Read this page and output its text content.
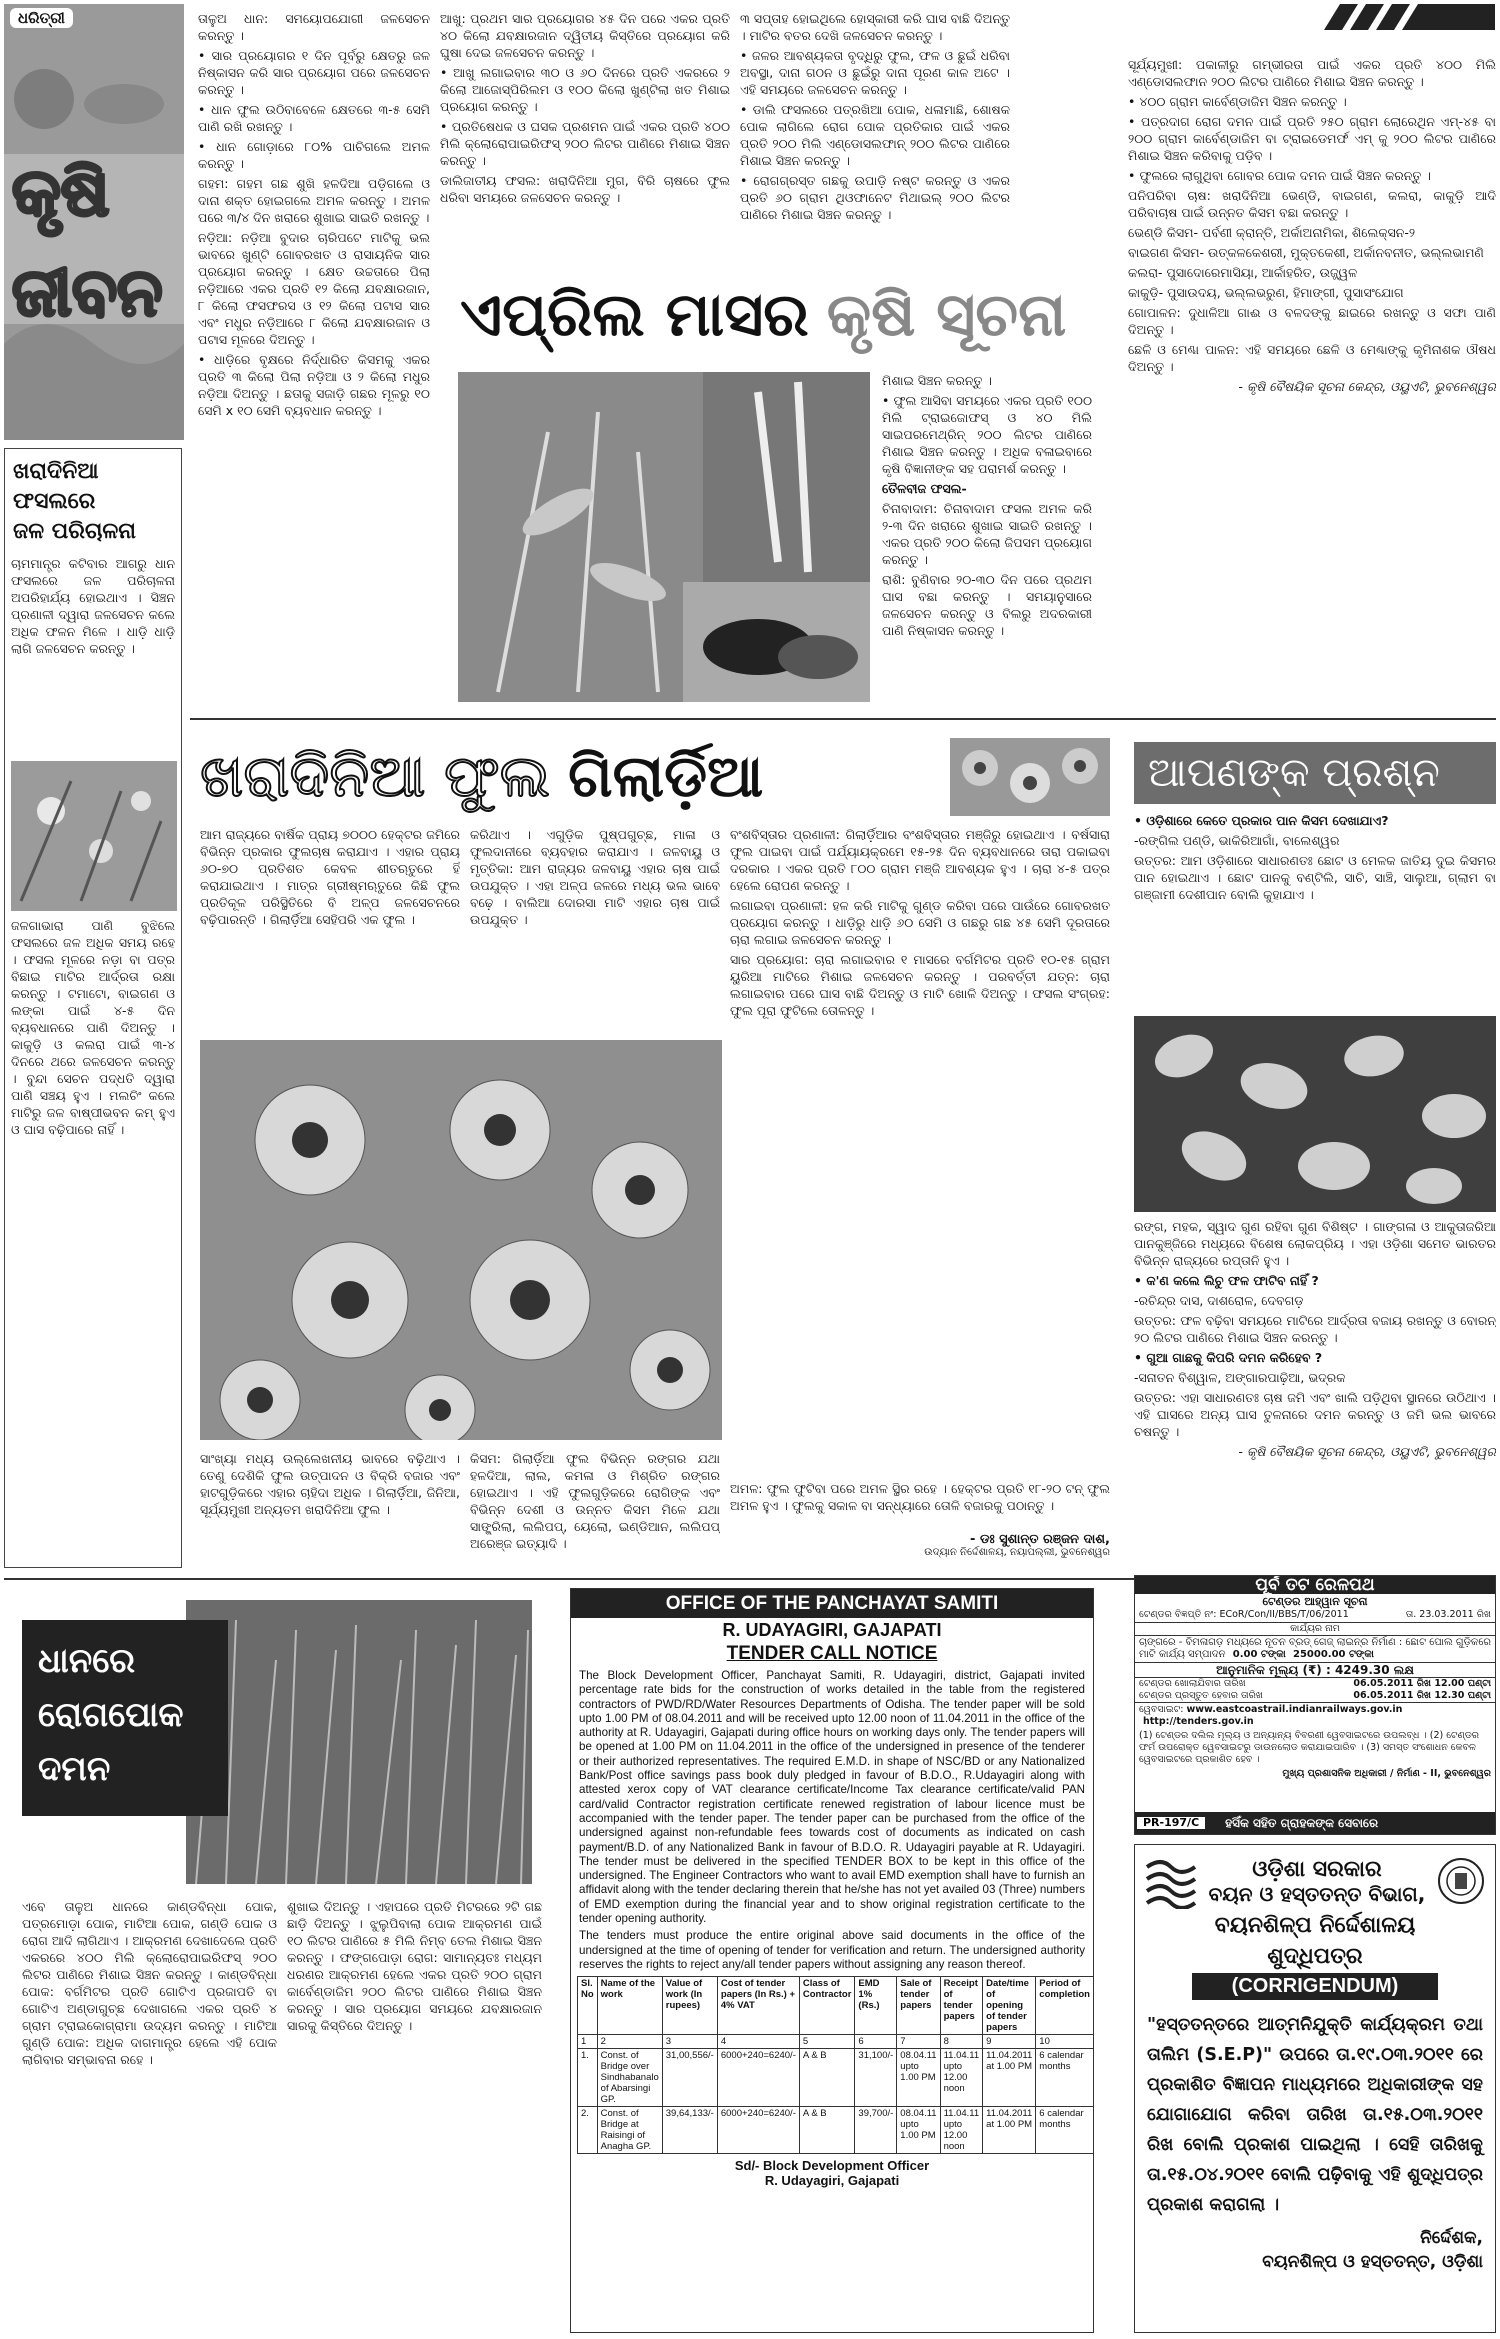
ଧରିତ୍ରୀ
କୃଷି
ଜୀବନ
ଖରାଦିନିଆ
ଫସଲରେ
ଜଳ ପରିଚାଳନା
ଚାମମାନ୍ତ୍ର କଟିବାର ଆଗରୁ ଧାନ ଫସଲରେ ଜଳ ପରିଚାଳନା ଅପରିହାର୍ଯ୍ୟ ହୋଇଥାଏ । ସିଞ୍ଚନ ପ୍ରଣାଳୀ ଦ୍ୱାରା ଜଳସେଚନ କଲେ ଅଧିକ ଫଳନ ମିଳେ । ଧାଡ଼ି ଧାଡ଼ି ଲାଗି ଜଳସେଚନ କରନ୍ତୁ ।
ଜଳଗାଭାରା ପାଣି ବୁଝିଲେ ଫସଲରେ ଜଳ ଅଧିକ ସମୟ ରହେ । ଫସଲ ମୂଳରେ ନଡ଼ା ବା ପତ୍ର ବିଛାଇ ମାଟିର ଆର୍ଦ୍ରତା ରକ୍ଷା କରନ୍ତୁ । ଟମାଟୋ, ବାଇଗଣ ଓ ଲଙ୍କା ପାଇଁ ୪-୫ ଦିନ ବ୍ୟବଧାନରେ ପାଣି ଦିଅନ୍ତୁ । କାକୁଡ଼ି ଓ କଲରା ପାଇଁ ୩-୪ ଦିନରେ ଥରେ ଜଳସେଚନ କରନ୍ତୁ । ବୁନ୍ଦା ସେଚନ ପଦ୍ଧତି ଦ୍ୱାରା ପାଣି ସଞ୍ଚୟ ହୁଏ । ମଲଚିଂ କଲେ ମାଟିରୁ ଜଳ ବାଷ୍ପୀଭବନ କମ୍ ହୁଏ ଓ ଘାସ ବଢ଼ିପାରେ ନାହିଁ ।

ତାଳୁଅ ଧାନ: ସମୟୋପଯୋଗୀ ଜଳସେଚନ କରନ୍ତୁ ।

• ସାର ପ୍ରୟୋଗର ୧ ଦିନ ପୂର୍ବରୁ କ୍ଷେତରୁ ଜଳ ନିଷ୍କାସନ କରି ସାର ପ୍ରୟୋଗ ପରେ ଜଳସେଚନ କରନ୍ତୁ ।

• ଧାନ ଫୁଲ ଉଠିବାବେଳେ କ୍ଷେତରେ ୩-୫ ସେମି ପାଣି ରଖି ରଖନ୍ତୁ ।

• ଧାନ ଗୋଡ଼ାରେ ୮୦% ପାଚିଗଲେ ଅମଳ କରନ୍ତୁ ।

ଗହମ: ଗହମ ଗଛ ଶୁଖି ହଳଦିଆ ପଡ଼ିଗଲେ ଓ ଦାନା ଶକ୍ତ ହୋଇଗଲେ ଅମଳ କରନ୍ତୁ । ଅମଳ ପରେ ୩/୪ ଦିନ ଖରାରେ ଶୁଖାଇ ସାଇତି ରଖନ୍ତୁ ।

ନଡ଼ିଆ: ନଡ଼ିଆ ବୁଦାର ଚାରିପଟେ ମାଟିକୁ ଭଲ ଭାବରେ ଖୁଣ୍ଟି ଗୋବରଖତ ଓ ରାସାୟନିକ ସାର ପ୍ରୟୋଗ କରନ୍ତୁ । କ୍ଷେତ ଉଚ୍ଚତାରେ ପିଲା ନଡ଼ିଆରେ ଏକର ପ୍ରତି ୧୨ କିଲୋ ଯବକ୍ଷାରଜାନ, ୮ କିଲୋ ଫସଫରସ ଓ ୧୨ କିଲୋ ପଟାସ ସାର ଏବଂ ମଧୁର ନଡ଼ିଆରେ ୮ କିଲୋ ଯବକ୍ଷାରଜାନ ଓ ପଟାସ ମୂଳରେ ଦିଅନ୍ତୁ ।

• ଧାଡ଼ିରେ ବୃକ୍ଷରେ ନିର୍ଦ୍ଧାରିତ କିସମକୁ ଏକର ପ୍ରତି ୩ କିଲୋ ପିଲା ନଡ଼ିଆ ଓ ୨ କିଲୋ ମଧୁର ନଡ଼ିଆ ଦିଅନ୍ତୁ । ଛତାକୁ ସଜାଡ଼ି ଗଛର ମୂଳରୁ ୧୦ ସେମି x ୧୦ ସେମି ବ୍ୟବଧାନ କରନ୍ତୁ ।

ଆଖୁ: ପ୍ରଥମ ସାର ପ୍ରୟୋଗର ୪୫ ଦିନ ପରେ ଏକର ପ୍ରତି ୪୦ କିଲୋ ଯବକ୍ଷାରଜାନ ଦ୍ୱିତୀୟ କିସ୍ତିରେ ପ୍ରୟୋଗ କରି ଘୁଷା ଦେଇ ଜଳସେଚନ କରନ୍ତୁ ।

• ଆଖୁ ଲଗାଇବାର ୩୦ ଓ ୬୦ ଦିନରେ ପ୍ରତି ଏକରରେ ୨ କିଲୋ ଆଜୋସ୍ପିରିଲମ ଓ ୧୦୦ କିଲୋ ଖୁଣ୍ଟିଲା ଖତ ମିଶାଇ ପ୍ରୟୋଗ କରନ୍ତୁ ।

• ପ୍ରତିଷେଧକ ଓ ଘସକ ପ୍ରଶମନ ପାଇଁ ଏକର ପ୍ରତି ୪୦୦ ମିଲି କ୍ଲୋରୋପାଇରିଫସ୍ ୨୦୦ ଲିଟର ପାଣିରେ ମିଶାଇ ସିଞ୍ଚନ କରନ୍ତୁ ।

ଡାଲିଜାତୀୟ ଫସଲ: ଖରାଦିନିଆ ମୁଗ, ବିରି ଚାଷରେ ଫୁଲ ଧରିବା ସମୟରେ ଜଳସେଚନ କରନ୍ତୁ ।

୩ ସପ୍ତାହ ହୋଇଥିଲେ ହୋସ୍କାରୀ କରି ଘାସ ବାଛି ଦିଅନ୍ତୁ । ମାଟିର ବତର ଦେଖି ଜଳସେଚନ କରନ୍ତୁ ।

• ଜଳର ଆବଶ୍ୟକତା ବୃଦ୍ଧିରୁ ଫୁଲ, ଫଳ ଓ ଛୁଇଁ ଧରିବା ଅବସ୍ଥା, ଦାନା ଗଠନ ଓ ଛୁଇଁରୁ ଦାନା ପୂରଣ କାଳ ଅଟେ । ଏହି ସମୟରେ ଜଳସେଚନ କରନ୍ତୁ ।

• ଡାଲି ଫସଲରେ ପତ୍ରଖିଆ ପୋକ, ଧଳାମାଛି, ଶୋଷକ ପୋକ ଲାଗିଲେ ରୋଗ ପୋକ ପ୍ରତିକାର ପାଇଁ ଏକର ପ୍ରତି ୨୦୦ ମିଲି ଏଣ୍ଡୋସଲଫାନ୍ ୨୦୦ ଲିଟର ପାଣିରେ ମିଶାଇ ସିଞ୍ଚନ କରନ୍ତୁ ।

• ରୋଗଗ୍ରସ୍ତ ଗଛକୁ ଉପାଡ଼ି ନଷ୍ଟ କରନ୍ତୁ ଓ ଏକର ପ୍ରତି ୬୦ ଗ୍ରାମ ଥିଓଫାନେଟ ମିଥାଇଲ୍ ୨୦୦ ଲିଟର ପାଣିରେ ମିଶାଇ ସିଞ୍ଚନ କରନ୍ତୁ ।

ଏପ୍ରିଲ ମାସର କୃଷି ସୂଚନା

ମିଶାଇ ସିଞ୍ଚନ କରନ୍ତୁ ।

• ଫୁଲ ଆସିବା ସମୟରେ ଏକର ପ୍ରତି ୧୦୦ ମିଲି ଟ୍ରାଇଜୋଫସ୍ ଓ ୪୦ ମିଲି ସାଇପରମେଥ୍ରିନ୍ ୨୦୦ ଲିଟର ପାଣିରେ ମିଶାଇ ସିଞ୍ଚନ କରନ୍ତୁ । ଅଧିକ ବଳାଇବାରେ କୃଷି ବିଜ୍ଞାନୀଙ୍କ ସହ ପରାମର୍ଶ କରନ୍ତୁ ।

ତୈଳବୀଜ ଫସଲ-

ଚିନାବାଦାମ: ଚିନାବାଦାମ ଫସଲ ଅମଳ କରି ୨-୩ ଦିନ ଖରାରେ ଶୁଖାଇ ସାଇତି ରଖନ୍ତୁ । ଏକର ପ୍ରତି ୨୦୦ କିଲୋ ଜିପସମ ପ୍ରୟୋଗ କରନ୍ତୁ ।

ରାଶି: ବୁଣିବାର ୨୦-୩୦ ଦିନ ପରେ ପ୍ରଥମ ଘାସ ବଛା କରନ୍ତୁ । ସମୟାନୁସାରେ ଜଳସେଚନ କରନ୍ତୁ ଓ ବିଲରୁ ଅଦରକାରୀ ପାଣି ନିଷ୍କାସନ କରନ୍ତୁ ।

ସୂର୍ଯ୍ୟମୁଖୀ: ପକାଳୀରୁ ଗମ୍ଭୀରତା ପାଇଁ ଏକର ପ୍ରତି ୪୦୦ ମିଲି ଏଣ୍ଡୋସଲଫାନ ୨୦୦ ଲିଟର ପାଣିରେ ମିଶାଇ ସିଞ୍ଚନ କରନ୍ତୁ ।

• ୪୦୦ ଗ୍ରାମ କାର୍ବେଣ୍ଡାଜିମ ସିଞ୍ଚନ କରନ୍ତୁ ।

• ପତ୍ରଦାଗ ରୋଗ ଦମନ ପାଇଁ ପ୍ରତି ୨୫୦ ଗ୍ରାମ ଲୋରେଥିନ ଏମ୍-୪୫ ବା ୨୦୦ ଗ୍ରାମ କାର୍ବେଣ୍ଡାଜିମ ବା ଟ୍ରାଇଡେମର୍ଫ ଏମ୍ କୁ ୨୦୦ ଲିଟର ପାଣିରେ ମିଶାଇ ସିଞ୍ଚନ କରିବାକୁ ପଡ଼ିବ ।

• ଫୁଲରେ ଲାଗୁଥିବା ଗୋବର ପୋକ ଦମନ ପାଇଁ ସିଞ୍ଚନ କରନ୍ତୁ ।

ପନିପରିବା ଚାଷ: ଖରାଦିନିଆ ଭେଣ୍ଡି, ବାଇଗଣ, କଲରା, କାକୁଡ଼ି ଆଦି ପରିବାଚାଷ ପାଇଁ ଉନ୍ନତ କିସମ ବଛା କରନ୍ତୁ ।

ଭେଣ୍ଡି କିସମ- ପର୍ବଣୀ କ୍ରାନ୍ତି, ଅର୍କାଅନାମିକା, ଶିଲେକ୍ସନ-୨

ବାଇଗଣ କିସମ- ଉତ୍କଳକେଶରୀ, ମୁକ୍ତକେଶୀ, ଅର୍କାନବନୀତ, ଭଲ୍ଲଭାମଣି

କଲରା- ପୁସାଦୋରେମାସିୟା, ଆର୍କାହରିତ, ଉଜ୍ଜ୍ୱଳ

କାକୁଡ଼ି- ପୁସାଉଦୟ, ଭଲ୍ଲଭରୁଣ, ହିମାଙ୍ଗୀ, ପୁସାସଂଯୋଗ

ଗୋପାଳନ: ଦୁଧାଳିଆ ଗାଈ ଓ ବଳଦଙ୍କୁ ଛାଇରେ ରଖନ୍ତୁ ଓ ସଫା ପାଣି ଦିଅନ୍ତୁ ।

ଛେଳି ଓ ମେଣ୍ଢା ପାଳନ: ଏହି ସମୟରେ ଛେଳି ଓ ମେଣ୍ଢାଙ୍କୁ କୃମିନାଶକ ଔଷଧ ଦିଅନ୍ତୁ ।

- କୃଷି ବୈଷୟିକ ସୂଚନା କେନ୍ଦ୍ର, ଓୟୁଏଟି, ଭୁବନେଶ୍ୱର

ଖରାଦିନିଆ ଫୁଲ ଗିଲାର୍ଡ଼ିଆ
ଆମ ରାଜ୍ୟରେ ବାର୍ଷିକ ପ୍ରାୟ ୭୦୦୦ ହେକ୍ଟର ଜମିରେ ବିଭିନ୍ନ ପ୍ରକାର ଫୁଲଚାଷ କରାଯାଏ । ଏହାର ପ୍ରାୟ ୬୦-୭୦ ପ୍ରତିଶତ କେବଳ ଶୀତଋତୁରେ ହିଁ କରାଯାଇଥାଏ । ମାତ୍ର ଗ୍ରୀଷ୍ମଋତୁରେ କିଛି ଫୁଲ ପ୍ରତିକୂଳ ପରିସ୍ଥିତିରେ ବି ଅଳ୍ପ ଜଳସେଚନରେ ବଢ଼ିପାରନ୍ତି । ଗିଲାର୍ଡ଼ିଆ ସେହିପରି ଏକ ଫୁଲ ।
କରିଥାଏ । ଏଗୁଡ଼ିକ ପୁଷ୍ପଗୁଚ୍ଛ, ମାଳା ଓ ଫୁଲଦାନୀରେ ବ୍ୟବହାର କରାଯାଏ । ଜଳବାୟୁ ଓ ମୃତ୍ତିକା: ଆମ ରାଜ୍ୟର ଜଳବାୟୁ ଏହାର ଚାଷ ପାଇଁ ଉପଯୁକ୍ତ । ଏହା ଅଳ୍ପ ଜଳରେ ମଧ୍ୟ ଭଲ ଭାବେ ବଢ଼େ । ବାଲିଆ ଦୋରସା ମାଟି ଏହାର ଚାଷ ପାଇଁ ଉପଯୁକ୍ତ ।

ବଂଶବିସ୍ତାର ପ୍ରଣାଳୀ: ଗିଲାର୍ଡ଼ିଆର ବଂଶବିସ୍ତାର ମଞ୍ଜିରୁ ହୋଇଥାଏ । ବର୍ଷସାରା ଫୁଲ ପାଇବା ପାଇଁ ପର୍ଯ୍ୟାୟକ୍ରମେ ୧୫-୨୫ ଦିନ ବ୍ୟବଧାନରେ ତାରା ପକାଇବା ଦରକାର । ଏକର ପ୍ରତି ୮୦୦ ଗ୍ରାମ ମଞ୍ଜି ଆବଶ୍ୟକ ହୁଏ । ଚାରା ୪-୫ ପତ୍ର ହେଲେ ରୋପଣ କରନ୍ତୁ ।

ଲଗାଇବା ପ୍ରଣାଳୀ: ହଳ କରି ମାଟିକୁ ଗୁଣ୍ଡ କରିବା ପରେ ପାଉଁରେ ଗୋବରଖତ ପ୍ରୟୋଗ କରନ୍ତୁ । ଧାଡ଼ିରୁ ଧାଡ଼ି ୬୦ ସେମି ଓ ଗଛରୁ ଗଛ ୪୫ ସେମି ଦୂରତାରେ ଚାରା ଲଗାଇ ଜଳସେଚନ କରନ୍ତୁ ।

ସାର ପ୍ରୟୋଗ: ଚାରା ଲଗାଇବାର ୧ ମାସରେ ବର୍ଗମିଟର ପ୍ରତି ୧୦-୧୫ ଗ୍ରାମ ୟୁରିଆ ମାଟିରେ ମିଶାଇ ଜଳସେଚନ କରନ୍ତୁ । ପରବର୍ତ୍ତୀ ଯତ୍ନ: ଚାରା ଲଗାଇବାର ପରେ ଘାସ ବାଛି ଦିଅନ୍ତୁ ଓ ମାଟି ଖୋଳି ଦିଅନ୍ତୁ । ଫସଲ ସଂଗ୍ରହ: ଫୁଲ ପୂରା ଫୁଟିଲେ ତୋଳନ୍ତୁ ।

ସାଂଖ୍ୟା ମଧ୍ୟ ଉଲ୍ଲେଖନୀୟ ଭାବରେ ବଢ଼ିଥାଏ । ତେଣୁ ଦେଶିକି ଫୁଲ ଉତ୍ପାଦନ ଓ ବିକ୍ରି ବଜାର ଏବଂ ହାଟଗୁଡ଼ିକରେ ଏହାର ଚାହିଦା ଅଧିକ । ଗିଲାର୍ଡ଼ିଆ, ଜିନିଆ, ସୂର୍ଯ୍ୟମୁଖୀ ଅନ୍ୟତମ ଖରାଦିନିଆ ଫୁଲ ।
କିସମ: ଗିଲାର୍ଡ଼ିଆ ଫୁଲ ବିଭିନ୍ନ ରଙ୍ଗର ଯଥା ହଳଦିଆ, ଲାଲ, କମଳା ଓ ମିଶ୍ରିତ ରଙ୍ଗର ହୋଇଥାଏ । ଏହି ଫୁଲଗୁଡ଼ିକରେ ରୋଗିଙ୍କ ଏବଂ ବିଭିନ୍ନ ଦେଶୀ ଓ ଉନ୍ନତ କିସମ ମିଳେ ଯଥା ସାଙ୍ଗ୍ରିଲା, ଲଲିପପ୍, ୟେଲୋ, ଇଣ୍ଡିଆନ, ଲଲିପପ୍ ଅରେଞ୍ଜ ଇତ୍ୟାଦି ।

ଅମଳ: ଫୁଲ ଫୁଟିବା ପରେ ଅମଳ ସ୍ଥିର ରହେ । ହେକ୍ଟର ପ୍ରତି ୧୮-୨୦ ଟନ୍ ଫୁଲ ଅମଳ ହୁଏ । ଫୁଲକୁ ସକାଳ ବା ସନ୍ଧ୍ୟାରେ ତୋଳି ବଜାରକୁ ପଠାନ୍ତୁ ।

- ଡଃ ସୁଶାନ୍ତ ରଞ୍ଜନ ଦାଶ,
ଉଦ୍ୟାନ ନିର୍ଦ୍ଦେଶାଳୟ, ନୟାପଲ୍ଲୀ, ଭୁବନେଶ୍ୱର
ଆପଣଙ୍କ ପ୍ରଶ୍ନ

• ଓଡ଼ିଶାରେ କେତେ ପ୍ରକାର ପାନ କିସମ ଦେଖାଯାଏ?

-ରଙ୍ଗିଲ ପଣ୍ଡି, ଭାକିରିଆଗାଁ, ବାଲେଶ୍ୱର

ଉତ୍ତର: ଆମ ଓଡ଼ିଶାରେ ସାଧାରଣତଃ ଛୋଟ ଓ ମେଳକ ଜାତିୟ ଦୁଇ କିସମର ପାନ ହୋଇଥାଏ । ଛୋଟ ପାନକୁ ବଣ୍ଟିଲି, ସାଚି, ସାଞ୍ଚି, ସାଲୁଆ, ଗ୍ଲାମ ବା ଗଞ୍ଜାମୀ ଦେଶୀପାନ ବୋଲି କୁହାଯାଏ ।

ରଙ୍ଗ, ମହକ, ସ୍ୱାଦ ଗୁଣ ରହିବା ଗୁଣ ବିଶିଷ୍ଟ । ଗାଙ୍ଗଳା ଓ ଆକୁତାଜରିଆ ପାନକୁଞ୍ଜିରେ ମଧ୍ୟରେ ବିଶେଷ ଲୋକପ୍ରିୟ । ଏହା ଓଡ଼ିଶା ସମେତ ଭାରତର ବିଭିନ୍ନ ରାଜ୍ୟରେ ରପ୍ତାନି ହୁଏ ।

• କ'ଣ କଲେ ଲିଚୁ ଫଳ ଫାଟିବ ନାହିଁ ?

-ରଚିନ୍ଦ୍ର ଦାସ, ଦାଶରୋଳ, ଦେବଗଡ଼

ଉତ୍ତର: ଫଳ ବଢ଼ିବା ସମୟରେ ମାଟିରେ ଆର୍ଦ୍ରତା ବଜାୟ ରଖନ୍ତୁ ଓ ବୋରନ୍ ୨୦ ଲିଟର ପାଣିରେ ମିଶାଇ ସିଞ୍ଚନ କରନ୍ତୁ ।

• ଗୁଆ ଗାଛକୁ କିପରି ଦମନ କରିହେବ ?

-ସନାତନ ବିଶ୍ୱାଳ, ଅଙ୍ଗାରପାଢ଼ିଆ, ଭଦ୍ରକ

ଉତ୍ତର: ଏହା ସାଧାରଣତଃ ଚାଷ ଜମି ଏବଂ ଖାଲି ପଡ଼ିଥିବା ସ୍ଥାନରେ ଉଠିଥାଏ । ଏହି ଘାସରେ ଅନ୍ୟ ଘାସ ତୁଳନାରେ ଦମନ କରନ୍ତୁ ଓ ଜମି ଭଲ ଭାବରେ ଚଷନ୍ତୁ ।

- କୃଷି ବୈଷୟିକ ସୂଚନା କେନ୍ଦ୍ର, ଓୟୁଏଟି, ଭୁବନେଶ୍ୱର

ଧାନରେ
ରୋଗପୋକ
ଦମନ
ଏବେ ତାଳୁଅ ଧାନରେ କାଣ୍ଡବିନ୍ଧା ପୋକ, ପତ୍ରମୋଡ଼ା ପୋକ, ମାଟିଆ ପୋକ, ଗଣ୍ଡି ପୋକ ଓ ରୋଗ ଆଦି ଲାଗିଥାଏ । ଆକ୍ରମଣ ଦେଖାଦେଲେ ପ୍ରତି ଏକରରେ ୪୦୦ ମିଲି କ୍ଲୋରୋପାଇରିଫସ୍ ୨୦୦ ଲିଟର ପାଣିରେ ମିଶାଇ ସିଞ୍ଚନ କରନ୍ତୁ । କାଣ୍ଡବିନ୍ଧା ପୋକ: ବର୍ଗମିଟର ପ୍ରତି ଗୋଟିଏ ପ୍ରଜାପତି ବା ଗୋଟିଏ ଅଣ୍ଡାଗୁଚ୍ଛ ଦେଖାଗଲେ ଏକର ପ୍ରତି ୪ ଗ୍ରାମ ଟ୍ରାଇକୋଗ୍ରାମା ଉଦ୍ୟମ କରନ୍ତୁ । ମାଟିଆ ଗୁଣ୍ଡି ପୋକ: ଅଧିକ ଦାଗମାନ୍ତ୍ର ହେଲେ ଏହି ପୋକ ଲାଗିବାର ସମ୍ଭାବନା ରହେ ।
ଶୁଖାଇ ଦିଅନ୍ତୁ । ଏହାପରେ ପ୍ରତି ମିଟରରେ ୨ଟି ଗଛ ଛାଡ଼ି ଦିଅନ୍ତୁ । ଝୁଲୁପିବାଲା ପୋକ ଆକ୍ରମଣ ପାଇଁ ୧୦ ଲିଟର ପାଣିରେ ୫ ମିଲି ନିମ୍ବ ତେଲ ମିଶାଇ ସିଞ୍ଚନ କରନ୍ତୁ । ଫଙ୍ଗପୋଡ଼ା ରୋଗ: ସାମାନ୍ୟତଃ ମଧ୍ୟମ ଧରଣର ଆକ୍ରମଣ ହେଲେ ଏକର ପ୍ରତି ୨୦୦ ଗ୍ରାମ କାର୍ବେଣ୍ଡାଜିମ ୨୦୦ ଲିଟର ପାଣିରେ ମିଶାଇ ସିଞ୍ଚନ କରନ୍ତୁ । ସାର ପ୍ରୟୋଗ ସମୟରେ ଯବକ୍ଷାରଜାନ ସାରକୁ କିସ୍ତିରେ ଦିଅନ୍ତୁ ।
OFFICE OF THE PANCHAYAT SAMITI
R. UDAYAGIRI, GAJAPATI
TENDER CALL NOTICE

The Block Development Officer, Panchayat Samiti, R. Udayagiri, district, Gajapati invited percentage rate bids for the construction of works detailed in the table from the registered contractors of PWD/RD/Water Resources Departments of Odisha. The tender paper will be sold upto 1.00 PM of 08.04.2011 and will be received upto 12.00 noon of 11.04.2011 in the office of the authority at R. Udayagiri, Gajapati during office hours on working days only. The tender papers will be opened at 1.00 PM on 11.04.2011 in the office of the undersigned in presence of the tenderer or their authorized representatives. The required E.M.D. in shape of NSC/BD or any Nationalized Bank/Post office savings pass book duly pledged in favour of B.D.O., R.Udayagiri along with attested xerox copy of VAT clearance certificate/Income Tax clearance certificate/valid PAN card/valid Contractor registration certificate renewed registration of labour licence must be accompanied with the tender paper. The tender paper can be purchased from the office of the undersigned against non-refundable fees towards cost of documents as indicated on cash payment/B.D. of any Nationalized Bank in favour of B.D.O. R. Udayagiri payable at R. Udayagiri. The tender must be delivered in the specified TENDER BOX to be kept in this office of the undersigned. The Engineer Contractors who want to avail EMD exemption shall have to furnish an affidavit along with the tender declaring therein that he/she has not yet availed 03 (Three) numbers of EMD exemption during the financial year and to show original registration certificate to the tender opening authority.

The tenders must produce the entire original above said documents in the office of the undersigned at the time of opening of tender for verification and return. The undersigned authority reserves the rights to reject any/all tender papers without assigning any reason thereof.

Sl. No	Name of the work	Value of work (In rupees)	Cost of tender papers (In Rs.) + 4% VAT	Class of Contractor	EMD 1% (Rs.)	Sale of tender papers	Receipt of tender papers	Date/time of opening of tender papers	Period of completion
1	2	3	4	5	6	7	8	9	10
1.	Const. of Bridge over Sindhabanalo of Abarsingi GP.	31,00,556/-	6000+240=6240/-	A & B	31,100/-	08.04.11 upto 1.00 PM	11.04.11 upto 12.00 noon	11.04.2011 at 1.00 PM	6 calendar months
2.	Const. of Bridge at Raisingi of Anagha GP.	39,64,133/-	6000+240=6240/-	A & B	39,700/-	08.04.11 upto 1.00 PM	11.04.11 upto 12.00 noon	11.04.2011 at 1.00 PM	6 calendar months
Sd/- Block Development Officer
R. Udayagiri, Gajapati
ପୂର୍ବ ତଟ ରେଳପଥ
ଟେଣ୍ଡର ଆହ୍ୱାନ ସୂଚନା
ଟେଣ୍ଡର ବିଜ୍ଞପ୍ତି ନଂ: ECoR/Con/II/BBS/T/06/2011	ତା. 23.03.2011 ରିଖ
କାର୍ଯ୍ୟର ନାମ
ଚାଙ୍ଗରେ - ବିମଳାଗଡ଼ ମଧ୍ୟରେ ନୂତନ ବ୍ରଡ୍ ଗେଜ୍ ଲାଇନ୍ର ନିର୍ମାଣ : ଛୋଟ ପୋଲ ଗୁଡ଼ିକରେ ମାଟି କାର୍ଯ୍ୟ ସମ୍ପାଦନ 0.00 ଟଙ୍କା 25000.00 ଟଙ୍କା
ଆନୁମାନିକ ମୂଲ୍ୟ (₹) : 4249.30 ଲକ୍ଷ
ଟେଣ୍ଡର ଖୋଲାଯିବାର ତାରିଖ	06.05.2011 ରିଖ 12.00 ଘଣ୍ଟା
ଟେଣ୍ଡର ପ୍ରସ୍ତୁତ ହେବାର ତାରିଖ	06.05.2011 ରିଖ 12.30 ଘଣ୍ଟା
ୱେବସାଇଟ: www.eastcoastrail.indianrailways.gov.in http://tenders.gov.in
(1) ଟେଣ୍ଡର ଦଲିଲ ମୂଲ୍ୟ ଓ ଅନ୍ୟାନ୍ୟ ବିବରଣୀ ୱେବସାଇଟରେ ଉପଲବ୍ଧ । (2) ଟେଣ୍ଡର ଫର୍ମ ଉପରୋକ୍ତ ୱେବସାଇଟରୁ ଡାଉନଲୋଡ କରାଯାଇପାରିବ । (3) ସମସ୍ତ ସଂଶୋଧନ କେବଳ ୱେବସାଇଟରେ ପ୍ରକାଶିତ ହେବ ।
ମୁଖ୍ୟ ପ୍ରଶାସନିକ ଅଧିକାରୀ / ନିର୍ମାଣ - II, ଭୁବନେଶ୍ୱର
PR-197/C	ହସିଁକ ସହିତ ଗ୍ରାହକଙ୍କ ସେବାରେ
ଓଡ଼ିଶା ସରକାର
ବୟନ ଓ ହସ୍ତତନ୍ତ ବିଭାଗ,
ବୟନଶିଳ୍ପ ନିର୍ଦ୍ଦେଶାଳୟ
ଶୁଦ୍ଧିପତ୍ର
(CORRIGENDUM)
"ହସ୍ତତନ୍ତରେ ଆତ୍ମନିଯୁକ୍ତି କାର୍ଯ୍ୟକ୍ରମ ତଥା ତାଲିମ (S.E.P)" ଉପରେ ତା.୧୯.୦୩.୨୦୧୧ ରେ ପ୍ରକାଶିତ ବିଜ୍ଞାପନ ମାଧ୍ୟମରେ ଅଧିକାରୀଙ୍କ ସହ ଯୋଗାଯୋଗ କରିବା ତାରିଖ ତା.୧୫.୦୩.୨୦୧୧ ରିଖ ବୋଲି ପ୍ରକାଶ ପାଇଥିଲା । ସେହି ତାରିଖକୁ ତା.୧୫.୦୪.୨୦୧୧ ବୋଲି ପଢ଼ିବାକୁ ଏହି ଶୁଦ୍ଧିପତ୍ର ପ୍ରକାଶ କରାଗଲା ।
ନିର୍ଦ୍ଦେଶକ,
ବୟନଶିଳ୍ପ ଓ ହସ୍ତତନ୍ତ, ଓଡ଼ିଶା
